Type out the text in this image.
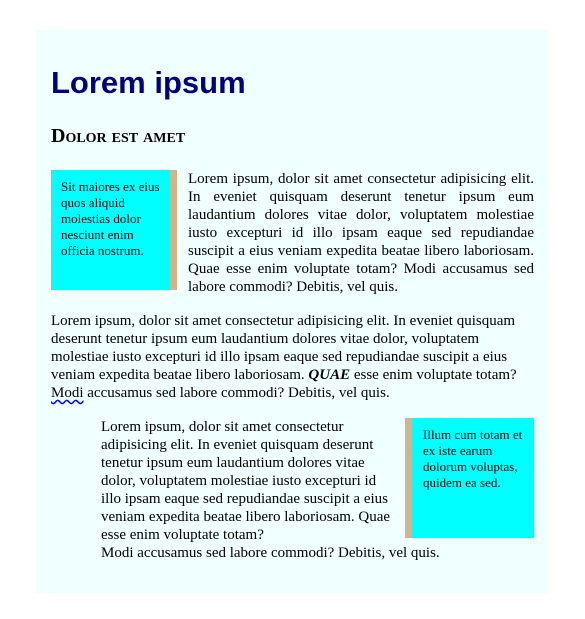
Lorem ipsum
Dolor est amet
Sit maiores ex eius quos aliquid molestias dolor nesciunt enim officia nostrum.

Lorem ipsum, dolor sit amet consectetur adipisicing elit. In eveniet quisquam deserunt tenetur ipsum eum laudantium dolores vitae dolor, voluptatem molestiae iusto excepturi id illo ipsam eaque sed repudiandae suscipit a eius veniam expedita beatae libero laboriosam. Quae esse enim voluptate totam? Modi accusamus sed labore commodi? Debitis, vel quis.

Lorem ipsum, dolor sit amet consectetur adipisicing elit. In eveniet quisquam deserunt tenetur ipsum eum laudantium dolores vitae dolor, voluptatem molestiae iusto excepturi id illo ipsam eaque sed repudiandae suscipit a eius veniam expedita beatae libero laboriosam. QUAE esse enim voluptate totam? Modi accusamus sed labore commodi? Debitis, vel quis.

Illum cum totam et ex iste earum dolorum voluptas, quidem ea sed.

Lorem ipsum, dolor sit amet consectetur adipisicing elit. In eveniet quisquam deserunt tenetur ipsum eum laudantium dolores vitae dolor, voluptatem molestiae iusto excepturi id illo ipsam eaque sed repudiandae suscipit a eius veniam expedita beatae libero laboriosam. Quae esse enim voluptate totam?

Modi accusamus sed labore commodi? Debitis, vel quis.
